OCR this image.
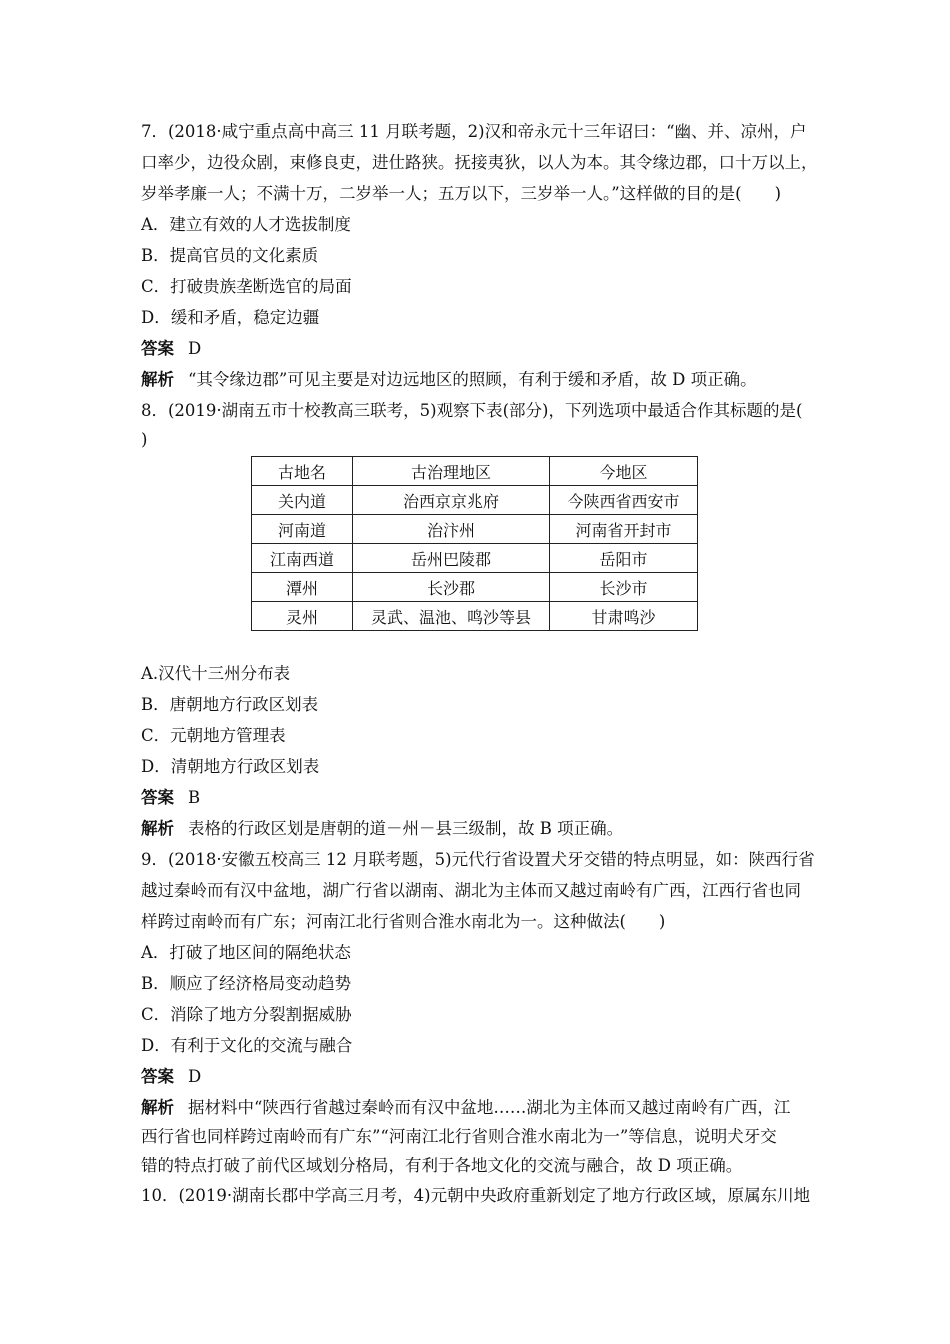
7．(2018·咸宁重点高中高三 11 月联考题，2)汉和帝永元十三年诏曰：“幽、并、凉州，户
口率少，边役众剧，束修良吏，进仕路狭。抚接夷狄，以人为本。其令缘边郡，口十万以上，
岁举孝廉一人；不满十万，二岁举一人；五万以下，三岁举一人。”这样做的目的是(　　)
A．建立有效的人才选拔制度
B．提高官员的文化素质
C．打破贵族垄断选官的局面
D．缓和矛盾，稳定边疆
答案 D
解析 “其令缘边郡”可见主要是对边远地区的照顾，有利于缓和矛盾，故 D 项正确。
8．(2019·湖南五市十校教高三联考，5)观察下表(部分)，下列选项中最适合作其标题的是(
)
古地名	古治理地区	今地区
关内道	治西京京兆府	今陕西省西安市
河南道	治汴州	河南省开封市
江南西道	岳州巴陵郡	岳阳市
潭州	长沙郡	长沙市
灵州	灵武、温池、鸣沙等县	甘肃鸣沙
A.汉代十三州分布表
B．唐朝地方行政区划表
C．元朝地方管理表
D．清朝地方行政区划表
答案 B
解析 表格的行政区划是唐朝的道－州－县三级制，故 B 项正确。
9．(2018·安徽五校高三 12 月联考题，5)元代行省设置犬牙交错的特点明显，如：陕西行省
越过秦岭而有汉中盆地，湖广行省以湖南、湖北为主体而又越过南岭有广西，江西行省也同
样跨过南岭而有广东；河南江北行省则合淮水南北为一。这种做法(　　)
A．打破了地区间的隔绝状态
B．顺应了经济格局变动趋势
C．消除了地方分裂割据威胁
D．有利于文化的交流与融合
答案 D
解析 据材料中“陕西行省越过秦岭而有汉中盆地……湖北为主体而又越过南岭有广西，江
西行省也同样跨过南岭而有广东”“河南江北行省则合淮水南北为一”等信息，说明犬牙交
错的特点打破了前代区域划分格局，有利于各地文化的交流与融合，故 D 项正确。
10．(2019·湖南长郡中学高三月考，4)元朝中央政府重新划定了地方行政区域，原属东川地
